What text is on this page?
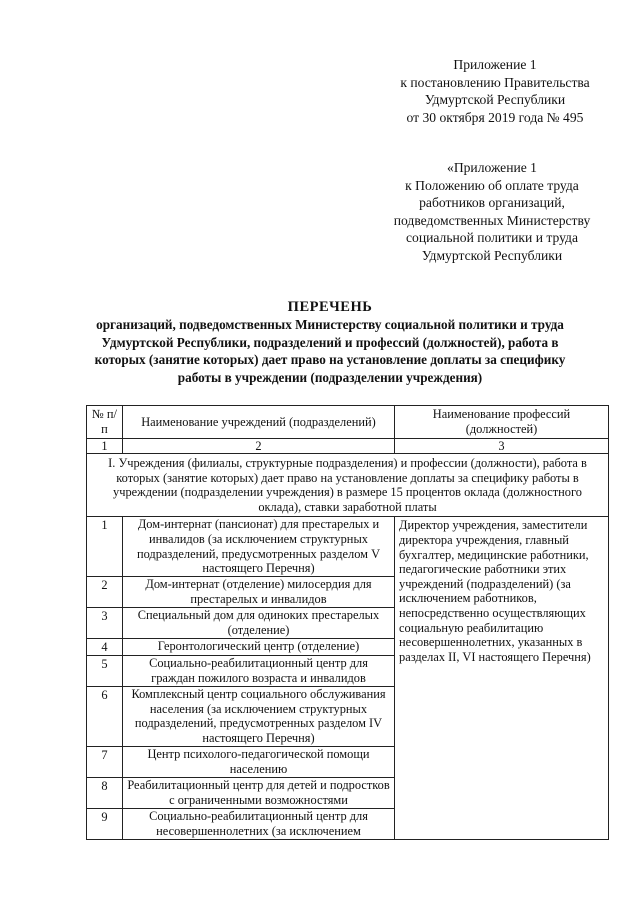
Приложение 1
к постановлению Правительства
Удмуртской Республики
от 30 октября 2019 года № 495
«Приложение 1
к Положению об оплате труда
работников организаций,
подведомственных Министерству
социальной политики и труда
Удмуртской Республики
ПЕРЕЧЕНЬ
организаций, подведомственных Министерству социальной политики и труда Удмуртской Республики, подразделений и профессий (должностей), работа в которых (занятие которых) дает право на установление доплаты за специфику работы в учреждении (подразделении учреждения)
№ п/п	Наименование учреждений (подразделений)	Наименование профессий (должностей)
1	2	3
I. Учреждения (филиалы, структурные подразделения) и профессии (должности), работа в которых (занятие которых) дает право на установление доплаты за специфику работы в учреждении (подразделении учреждения) в размере 15 процентов оклада (должностного оклада), ставки заработной платы		
1	Дом-интернат (пансионат) для престарелых и инвалидов (за исключением структурных подразделений, предусмотренных разделом V настоящего Перечня)	Директор учреждения, заместители директора учреждения, главный бухгалтер, медицинские работники, педагогические работники этих учреждений (подразделений) (за исключением работников, непосредственно осуществляющих социальную реабилитацию несовершеннолетних, указанных в разделах II, VI настоящего Перечня)
2	Дом-интернат (отделение) милосердия для престарелых и инвалидов	
3	Специальный дом для одиноких престарелых (отделение)	
4	Геронтологический центр (отделение)	
5	Социально-реабилитационный центр для граждан пожилого возраста и инвалидов	
6	Комплексный центр социального обслуживания населения (за исключением структурных подразделений, предусмотренных разделом IV настоящего Перечня)	
7	Центр психолого-педагогической помощи населению	
8	Реабилитационный центр для детей и подростков с ограниченными возможностями	
9	Социально-реабилитационный центр для несовершеннолетних (за исключением	
